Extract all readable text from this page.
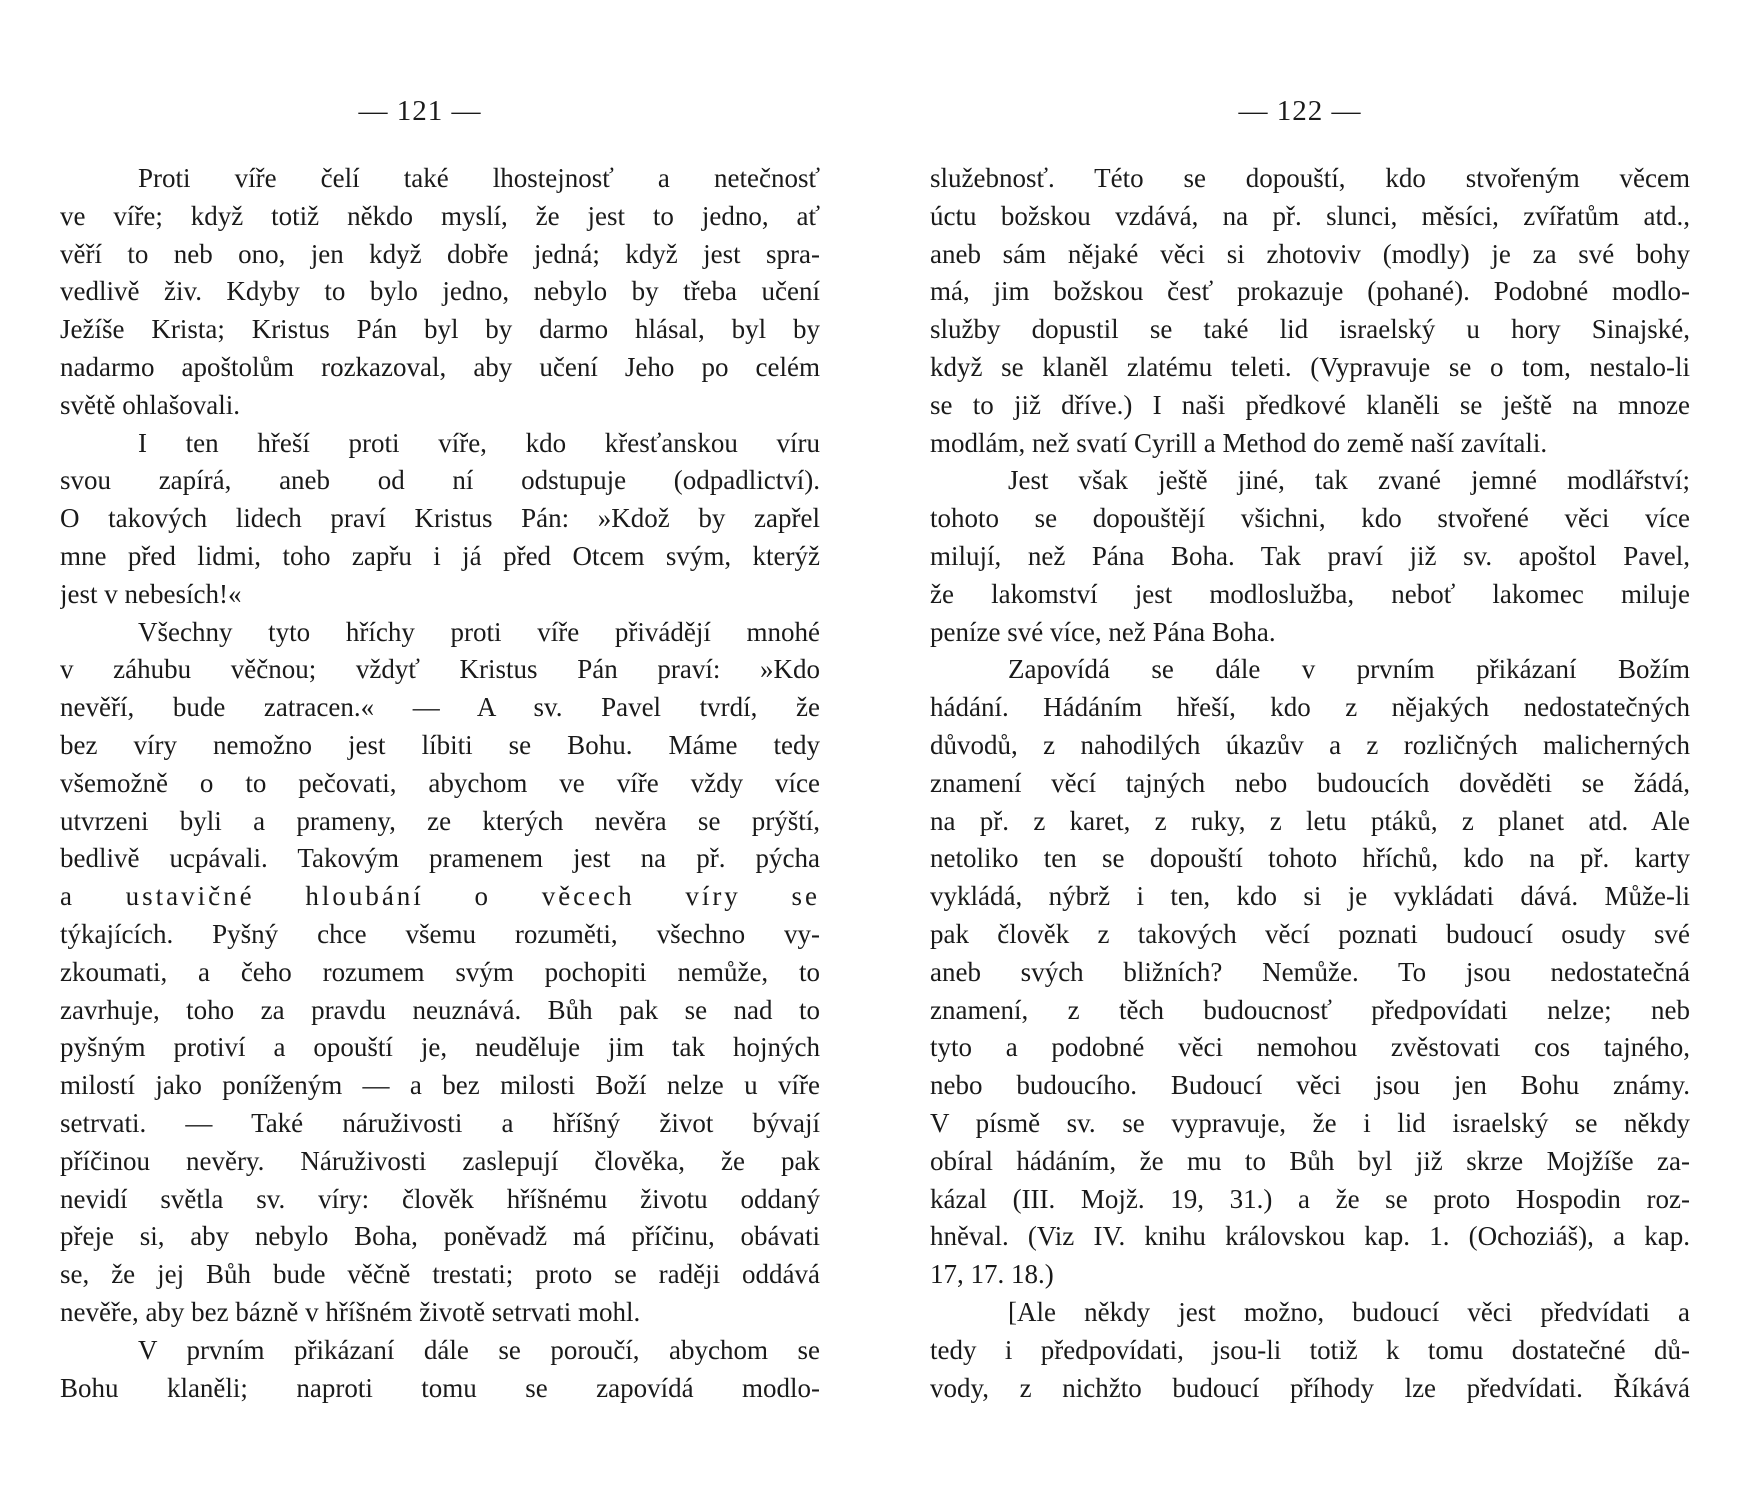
— 121 —
Proti víře čelí také lhostejnosť a netečnosť
ve víře; když totiž někdo myslí, že jest to jedno, ať
věří to neb ono, jen když dobře jedná; když jest spra-
vedlivě živ. Kdyby to bylo jedno, nebylo by třeba učení
Ježíše Krista; Kristus Pán byl by darmo hlásal, byl by
nadarmo apoštolům rozkazoval, aby učení Jeho po celém
světě ohlašovali.
I ten hřeší proti víře, kdo křesťanskou víru
svou zapírá, aneb od ní odstupuje (odpadlictví).
O takových lidech praví Kristus Pán: »Kdož by zapřel
mne před lidmi, toho zapřu i já před Otcem svým, kterýž
jest v nebesích!«
Všechny tyto hříchy proti víře přivádějí mnohé
v záhubu věčnou; vždyť Kristus Pán praví: »Kdo
nevěří, bude zatracen.« — A sv. Pavel tvrdí, že
bez víry nemožno jest líbiti se Bohu. Máme tedy
všemožně o to pečovati, abychom ve víře vždy více
utvrzeni byli a prameny, ze kterých nevěra se prýští,
bedlivě ucpávali. Takovým pramenem jest na př. pýcha
a ustavičné hloubání o věcech víry se
týkajících. Pyšný chce všemu rozuměti, všechno vy-
zkoumati, a čeho rozumem svým pochopiti nemůže, to
zavrhuje, toho za pravdu neuznává. Bůh pak se nad to
pyšným protiví a opouští je, neuděluje jim tak hojných
milostí jako poníženým — a bez milosti Boží nelze u víře
setrvati. — Také náruživosti a hříšný život bývají
příčinou nevěry. Náruživosti zaslepují člověka, že pak
nevidí světla sv. víry: člověk hříšnému životu oddaný
přeje si, aby nebylo Boha, poněvadž má příčinu, obávati
se, že jej Bůh bude věčně trestati; proto se raději oddává
nevěře, aby bez bázně v hříšném životě setrvati mohl.
V prvním přikázaní dále se poroučí, abychom se
Bohu klaněli; naproti tomu se zapovídá modlo-
— 122 —
služebnosť. Této se dopouští, kdo stvořeným věcem
úctu božskou vzdává, na př. slunci, měsíci, zvířatům atd.,
aneb sám nějaké věci si zhotoviv (modly) je za své bohy
má, jim božskou česť prokazuje (pohané). Podobné modlo-
služby dopustil se také lid israelský u hory Sinajské,
když se klaněl zlatému teleti. (Vypravuje se o tom, nestalo-li
se to již dříve.) I naši předkové klaněli se ještě na mnoze
modlám, než svatí Cyrill a Method do země naší zavítali.
Jest však ještě jiné, tak zvané jemné modlářství;
tohoto se dopouštějí všichni, kdo stvořené věci více
milují, než Pána Boha. Tak praví již sv. apoštol Pavel,
že lakomství jest modloslužba, neboť lakomec miluje
peníze své více, než Pána Boha.
Zapovídá se dále v prvním přikázaní Božím
hádání. Hádáním hřeší, kdo z nějakých nedostatečných
důvodů, z nahodilých úkazův a z rozličných malicherných
znamení věcí tajných nebo budoucích dověděti se žádá,
na př. z karet, z ruky, z letu ptáků, z planet atd. Ale
netoliko ten se dopouští tohoto hříchů, kdo na př. karty
vykládá, nýbrž i ten, kdo si je vykládati dává. Může-li
pak člověk z takových věcí poznati budoucí osudy své
aneb svých bližních? Nemůže. To jsou nedostatečná
znamení, z těch budoucnosť předpovídati nelze; neb
tyto a podobné věci nemohou zvěstovati cos tajného,
nebo budoucího. Budoucí věci jsou jen Bohu známy.
V písmě sv. se vypravuje, že i lid israelský se někdy
obíral hádáním, že mu to Bůh byl již skrze Mojžíše za-
kázal (III. Mojž. 19, 31.) a že se proto Hospodin roz-
hněval. (Viz IV. knihu královskou kap. 1. (Ochoziáš), a kap.
17, 17. 18.)
[Ale někdy jest možno, budoucí věci předvídati a
tedy i předpovídati, jsou-li totiž k tomu dostatečné dů-
vody, z nichžto budoucí příhody lze předvídati. Říkává
